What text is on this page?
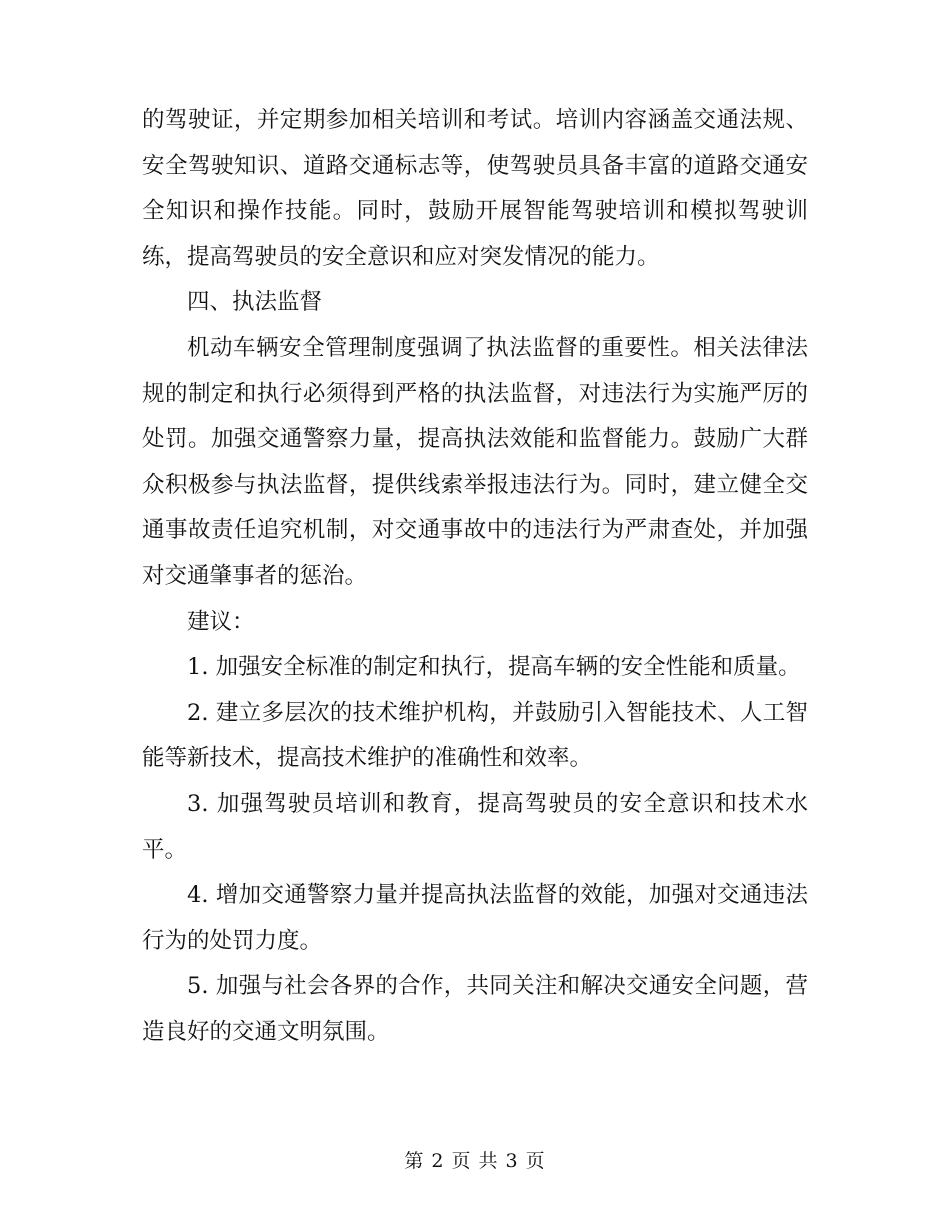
的驾驶证，并定期参加相关培训和考试。培训内容涵盖交通法规、安全驾驶知识、道路交通标志等，使驾驶员具备丰富的道路交通安全知识和操作技能。同时，鼓励开展智能驾驶培训和模拟驾驶训练，提高驾驶员的安全意识和应对突发情况的能力。

四、执法监督

机动车辆安全管理制度强调了执法监督的重要性。相关法律法规的制定和执行必须得到严格的执法监督，对违法行为实施严厉的处罚。加强交通警察力量，提高执法效能和监督能力。鼓励广大群众积极参与执法监督，提供线索举报违法行为。同时，建立健全交通事故责任追究机制，对交通事故中的违法行为严肃查处，并加强对交通肇事者的惩治。

建议：

1. 加强安全标准的制定和执行，提高车辆的安全性能和质量。

2. 建立多层次的技术维护机构，并鼓励引入智能技术、人工智能等新技术，提高技术维护的准确性和效率。

3. 加强驾驶员培训和教育，提高驾驶员的安全意识和技术水平。

4. 增加交通警察力量并提高执法监督的效能，加强对交通违法行为的处罚力度。

5. 加强与社会各界的合作，共同关注和解决交通安全问题，营造良好的交通文明氛围。

第 2 页 共 3 页
